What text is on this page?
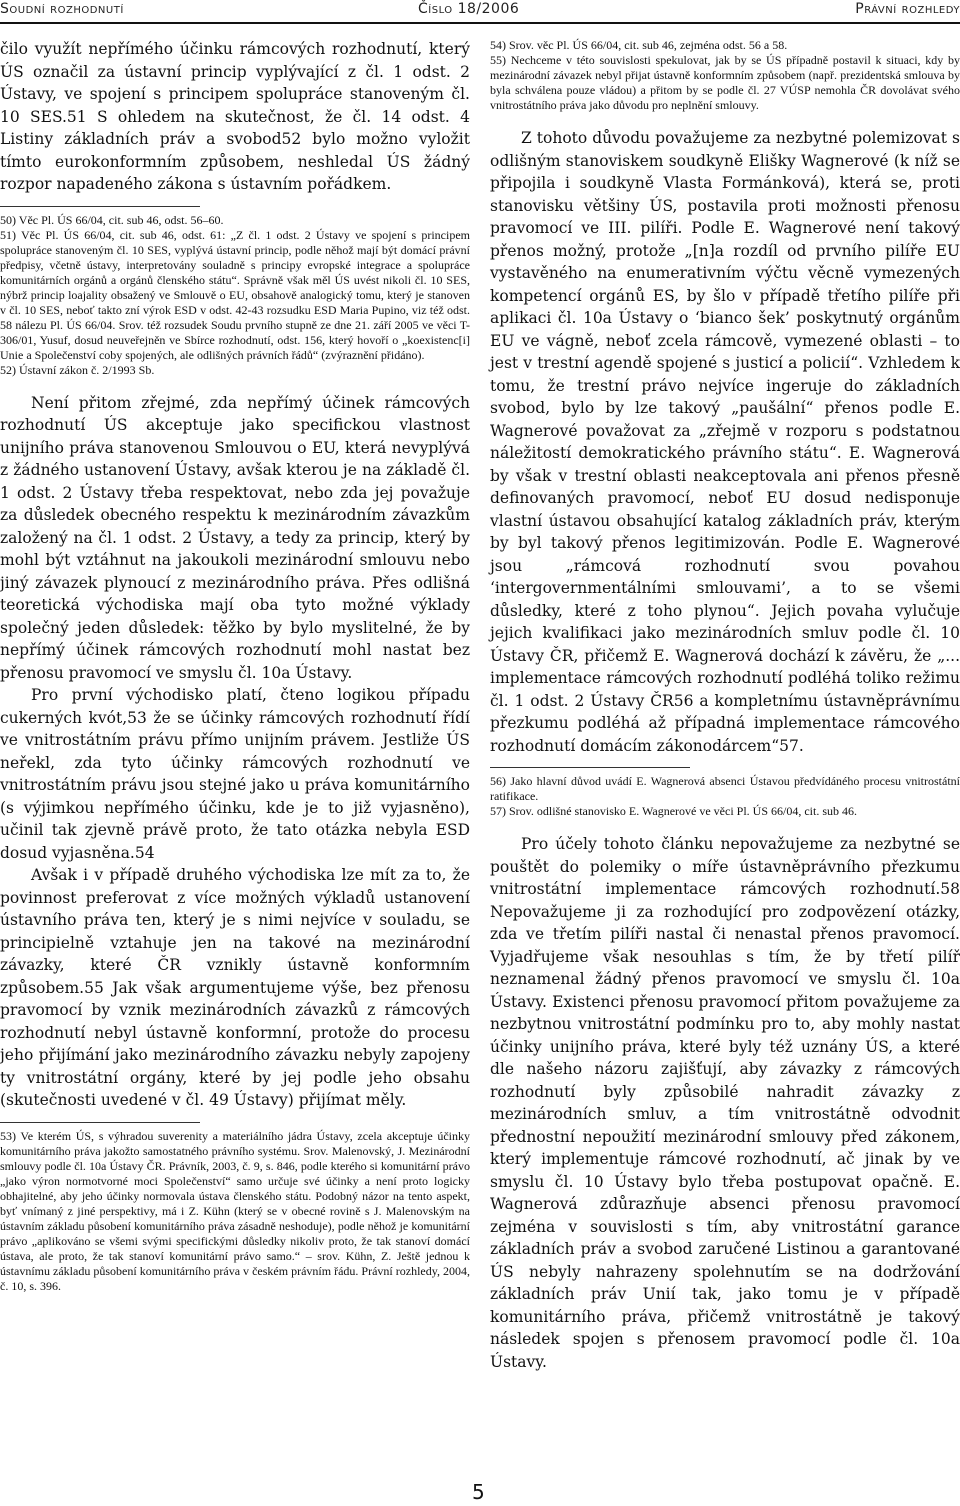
Soudní rozhodnutí	Číslo 18/2006	Právní rozhledy

čilo využít nepřímého účinku rámcových rozhodnutí, který ÚS označil za ústavní princip vyplývající z čl. 1 odst. 2 Ústavy, ve spojení s principem spolupráce stanoveným čl. 10 SES.51 S ohledem na skutečnost, že čl. 14 odst. 4 Listiny základních práv a svobod52 bylo možno vyložit tímto eurokonformním způsobem, neshledal ÚS žádný rozpor napadeného zákona s ústavním pořádkem.

50) Věc Pl. ÚS 66/04, cit. sub 46, odst. 56–60.

51) Věc Pl. ÚS 66/04, cit. sub 46, odst. 61: „Z čl. 1 odst. 2 Ústavy ve spojení s principem spolupráce stanoveným čl. 10 SES, vyplývá ústavní princip, podle něhož mají být domácí právní předpisy, včetně ústavy, interpretovány souladně s principy evropské integrace a spolupráce komunitárních orgánů a orgánů členského státu“. Správně však měl ÚS uvést nikoli čl. 10 SES, nýbrž princip loajality obsažený ve Smlouvě o EU, obsahově analogický tomu, který je stanoven v čl. 10 SES, neboť takto zní výrok ESD v odst. 42-43 rozsudku ESD Maria Pupino, viz též odst. 58 nálezu Pl. ÚS 66/04. Srov. též rozsudek Soudu prvního stupně ze dne 21. září 2005 ve věci T-306/01, Yusuf, dosud neuveřejněn ve Sbírce rozhodnutí, odst. 156, který hovoří o „koexistenc[i] Unie a Společenství coby spojených, ale odlišných právních řádů“ (zvýraznění přidáno).

52) Ústavní zákon č. 2/1993 Sb.

Není přitom zřejmé, zda nepřímý účinek rámcových rozhodnutí ÚS akceptuje jako specifickou vlastnost unijního práva stanovenou Smlouvou o EU, která nevyplývá z žádného ustanovení Ústavy, avšak kterou je na základě čl. 1 odst. 2 Ústavy třeba respektovat, nebo zda jej považuje za důsledek obecného respektu k mezinárodním závazkům založený na čl. 1 odst. 2 Ústavy, a tedy za princip, který by mohl být vztáhnut na jakoukoli mezinárodní smlouvu nebo jiný závazek plynoucí z mezinárodního práva. Přes odlišná teoretická východiska mají oba tyto možné výklady společný jeden důsledek: těžko by bylo myslitelné, že by nepřímý účinek rámcových rozhodnutí mohl nastat bez přenosu pravomocí ve smyslu čl. 10a Ústavy.

Pro první východisko platí, čteno logikou případu cukerných kvót,53 že se účinky rámcových rozhodnutí řídí ve vnitrostátním právu přímo unijním právem. Jestliže ÚS neřekl, zda tyto účinky rámcových rozhodnutí ve vnitrostátním právu jsou stejné jako u práva komunitárního (s výjimkou nepřímého účinku, kde je to již vyjasněno), učinil tak zjevně právě proto, že tato otázka nebyla ESD dosud vyjasněna.54

Avšak i v případě druhého východiska lze mít za to, že povinnost preferovat z více možných výkladů ustanovení ústavního práva ten, který je s nimi nejvíce v souladu, se principielně vztahuje jen na takové na mezinárodní závazky, které ČR vznikly ústavně konformním způsobem.55 Jak však argumentujeme výše, bez přenosu pravomocí by vznik mezinárodních závazků z rámcových rozhodnutí nebyl ústavně konformní, protože do procesu jeho přijímání jako mezinárodního závazku nebyly zapojeny ty vnitrostátní orgány, které by jej podle jeho obsahu (skutečnosti uvedené v čl. 49 Ústavy) přijímat měly.

53) Ve kterém ÚS, s výhradou suverenity a materiálního jádra Ústavy, zcela akceptuje účinky komunitárního práva jakožto samostatného právního systému. Srov. Malenovský, J. Mezinárodní smlouvy podle čl. 10a Ústavy ČR. Právník, 2003, č. 9, s. 846, podle kterého si komunitární právo „jako výron normotvorné moci Společenství“ samo určuje své účinky a není proto logicky obhajitelné, aby jeho účinky normovala ústava členského státu. Podobný názor na tento aspekt, byť vnímaný z jiné perspektivy, má i Z. Kühn (který se v obecné rovině s J. Malenovským na ústavním základu působení komunitárního práva zásadně neshoduje), podle něhož je komunitární právo „aplikováno se všemi svými specifickými důsledky nikoliv proto, že tak stanoví domácí ústava, ale proto, že tak stanoví komunitární právo samo.“ – srov. Kühn, Z. Ještě jednou k ústavnímu základu působení komunitárního práva v českém právním řádu. Právní rozhledy, 2004, č. 10, s. 396.

54) Srov. věc Pl. ÚS 66/04, cit. sub 46, zejména odst. 56 a 58.

55) Nechceme v této souvislosti spekulovat, jak by se ÚS případně postavil k situaci, kdy by mezinárodní závazek nebyl přijat ústavně konformním způsobem (např. prezidentská smlouva by byla schválena pouze vládou) a přitom by se podle čl. 27 VÚSP nemohla ČR dovolávat svého vnitrostátního práva jako důvodu pro neplnění smlouvy.

Z tohoto důvodu považujeme za nezbytné polemizovat s odlišným stanoviskem soudkyně Elišky Wagnerové (k níž se připojila i soudkyně Vlasta Formánková), která se, proti stanovisku většiny ÚS, postavila proti možnosti přenosu pravomocí ve III. pilíři. Podle E. Wagnerové není takový přenos možný, protože „[n]a rozdíl od prvního pilíře EU vystavěného na enumerativním výčtu věcně vymezených kompetencí orgánů ES, by šlo v případě třetího pilíře při aplikaci čl. 10a Ústavy o ‘bianco šek’ poskytnutý orgánům EU ve vágně, neboť zcela rámcově, vymezené oblasti – to jest v trestní agendě spojené s justicí a policií“. Vzhledem k tomu, že trestní právo nejvíce ingeruje do základních svobod, bylo by lze takový „paušální“ přenos podle E. Wagnerové považovat za „zřejmě v rozporu s podstatnou náležitostí demokratického právního státu“. E. Wagnerová by však v trestní oblasti neakceptovala ani přenos přesně definovaných pravomocí, neboť EU dosud nedisponuje vlastní ústavou obsahující katalog základních práv, kterým by byl takový přenos legitimizován. Podle E. Wagnerové jsou „rámcová rozhodnutí svou povahou ‘intergovernmentálními smlouvami’, a to se všemi důsledky, které z toho plynou“. Jejich povaha vylučuje jejich kvalifikaci jako mezinárodních smluv podle čl. 10 Ústavy ČR, přičemž E. Wagnerová dochází k závěru, že „... implementace rámcových rozhodnutí podléhá toliko režimu čl. 1 odst. 2 Ústavy ČR56 a kompletnímu ústavněprávnímu přezkumu podléhá až případná implementace rámcového rozhodnutí domácím zákonodárcem“57.

56) Jako hlavní důvod uvádí E. Wagnerová absenci Ústavou předvídáného procesu vnitrostátní ratifikace.

57) Srov. odlišné stanovisko E. Wagnerové ve věci Pl. ÚS 66/04, cit. sub 46.

Pro účely tohoto článku nepovažujeme za nezbytné se pouštět do polemiky o míře ústavněprávního přezkumu vnitrostátní implementace rámcových rozhodnutí.58 Nepovažujeme ji za rozhodující pro zodpovězení otázky, zda ve třetím pilíři nastal či nenastal přenos pravomocí. Vyjadřujeme však nesouhlas s tím, že by třetí pilíř neznamenal žádný přenos pravomocí ve smyslu čl. 10a Ústavy. Existenci přenosu pravomocí přitom považujeme za nezbytnou vnitrostátní podmínku pro to, aby mohly nastat účinky unijního práva, které byly též uznány ÚS, a které dle našeho názoru zajišťují, aby závazky z rámcových rozhodnutí byly způsobilé nahradit závazky z mezinárodních smluv, a tím vnitrostátně odvodnit přednostní nepoužití mezinárodní smlouvy před zákonem, který implementuje rámcové rozhodnutí, ač jinak by ve smyslu čl. 10 Ústavy bylo třeba postupovat opačně. E. Wagnerová zdůrazňuje absenci přenosu pravomocí zejména v souvislosti s tím, aby vnitrostátní garance základních práv a svobod zaručené Listinou a garantované ÚS nebyly nahrazeny spolehnutím se na dodržování základních práv Unií tak, jako tomu je v případě komunitárního práva, přičemž vnitrostátně je takový následek spojen s přenosem pravomocí podle čl. 10a Ústavy.

5
